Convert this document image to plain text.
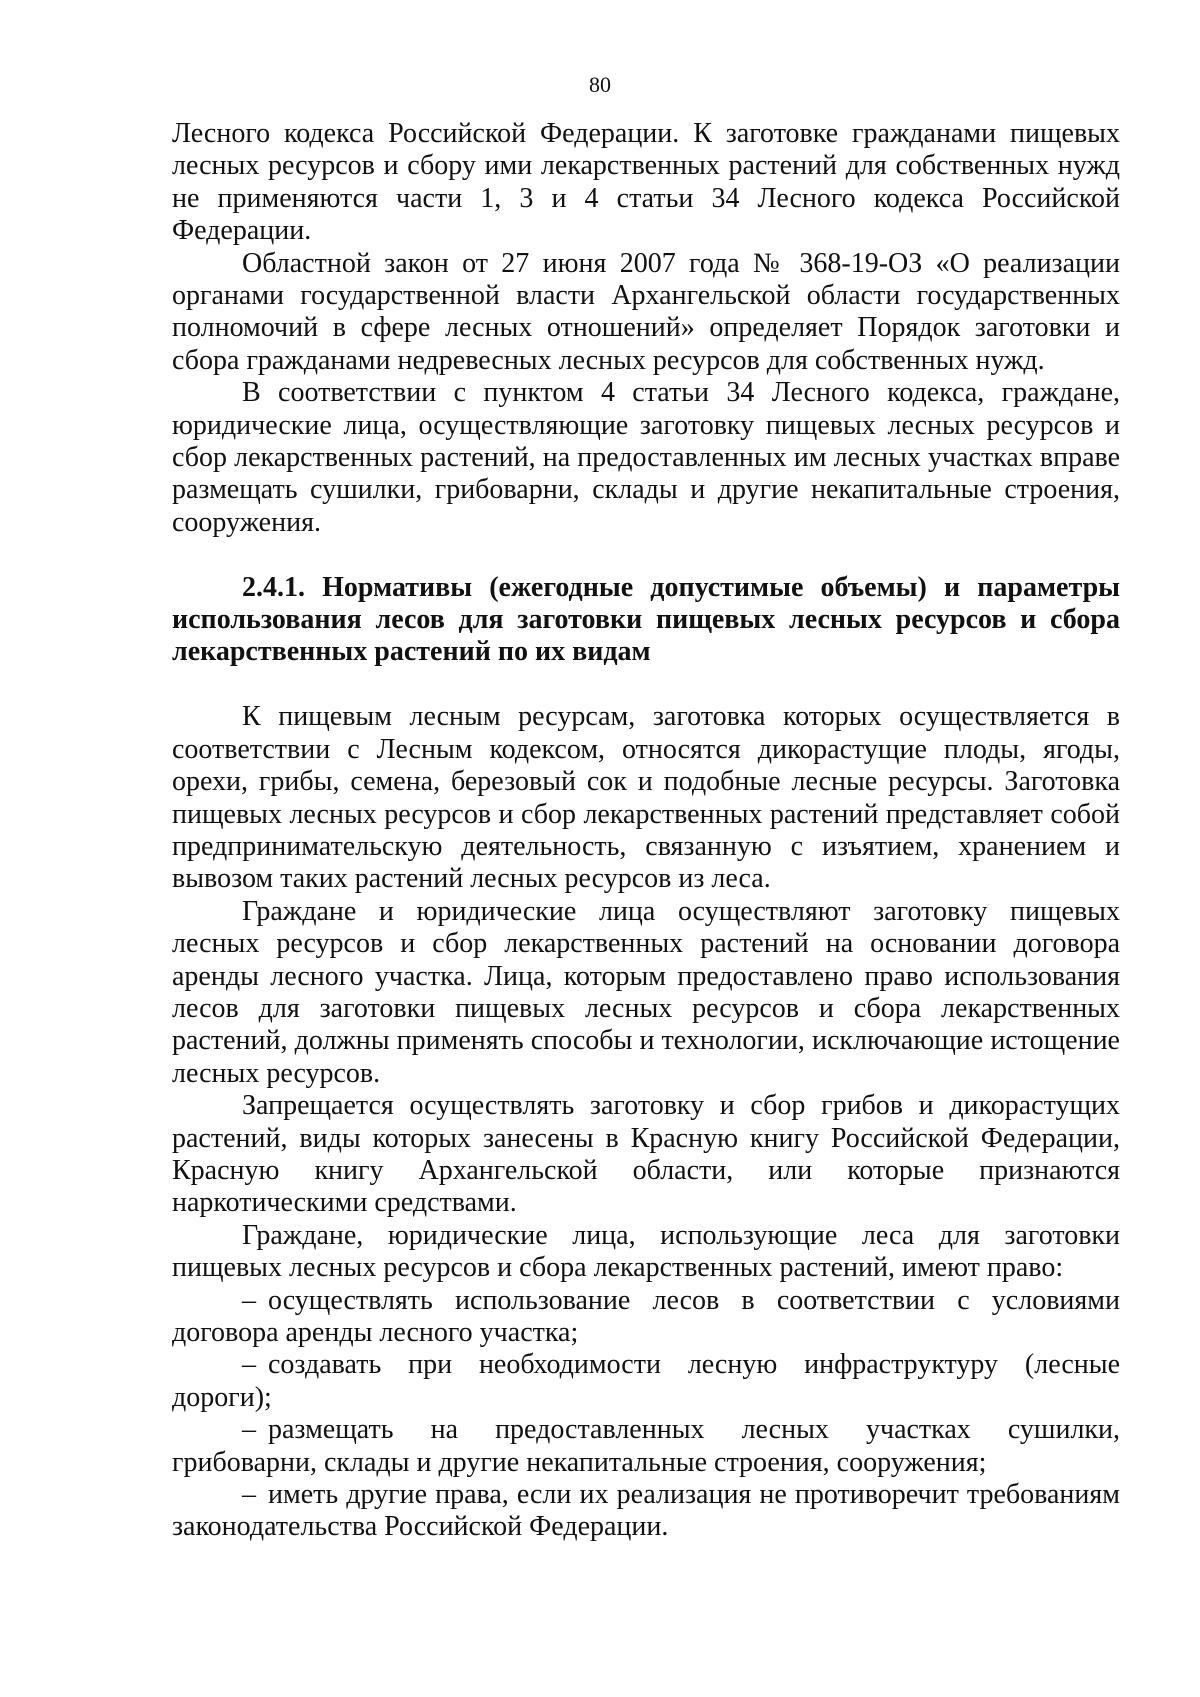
80

Лесного кодекса Российской Федерации. К заготовке гражданами пищевых лесных ресурсов и сбору ими лекарственных растений для собственных нужд не применяются части 1, 3 и 4 статьи 34 Лесного кодекса Российской Федерации.

Областной закон от 27 июня 2007 года № 368-19-ОЗ «О реализации органами государственной власти Архангельской области государственных полномочий в сфере лесных отношений» определяет Порядок заготовки и сбора гражданами недревесных лесных ресурсов для собственных нужд.

В соответствии с пунктом 4 статьи 34 Лесного кодекса, граждане, юридические лица, осуществляющие заготовку пищевых лесных ресурсов и сбор лекарственных растений, на предоставленных им лесных участках вправе размещать сушилки, грибоварни, склады и другие некапитальные строения, сооружения.

2.4.1. Нормативы (ежегодные допустимые объемы) и параметры использования лесов для заготовки пищевых лесных ресурсов и сбора лекарственных растений по их видам

К пищевым лесным ресурсам, заготовка которых осуществляется в соответствии с Лесным кодексом, относятся дикорастущие плоды, ягоды, орехи, грибы, семена, березовый сок и подобные лесные ресурсы. Заготовка пищевых лесных ресурсов и сбор лекарственных растений представляет собой предпринимательскую деятельность, связанную с изъятием, хранением и вывозом таких растений лесных ресурсов из леса.

Граждане и юридические лица осуществляют заготовку пищевых лесных ресурсов и сбор лекарственных растений на основании договора аренды лесного участка. Лица, которым предоставлено право использования лесов для заготовки пищевых лесных ресурсов и сбора лекарственных растений, должны применять способы и технологии, исключающие истощение лесных ресурсов.

Запрещается осуществлять заготовку и сбор грибов и дикорастущих растений, виды которых занесены в Красную книгу Российской Федерации, Красную книгу Архангельской области, или которые признаются наркотическими средствами.

Граждане, юридические лица, использующие леса для заготовки пищевых лесных ресурсов и сбора лекарственных растений, имеют право:

– осуществлять использование лесов в соответствии с условиями договора аренды лесного участка;

– создавать при необходимости лесную инфраструктуру (лесные дороги);

– размещать на предоставленных лесных участках сушилки, грибоварни, склады и другие некапитальные строения, сооружения;

– иметь другие права, если их реализация не противоречит требованиям законодательства Российской Федерации.
